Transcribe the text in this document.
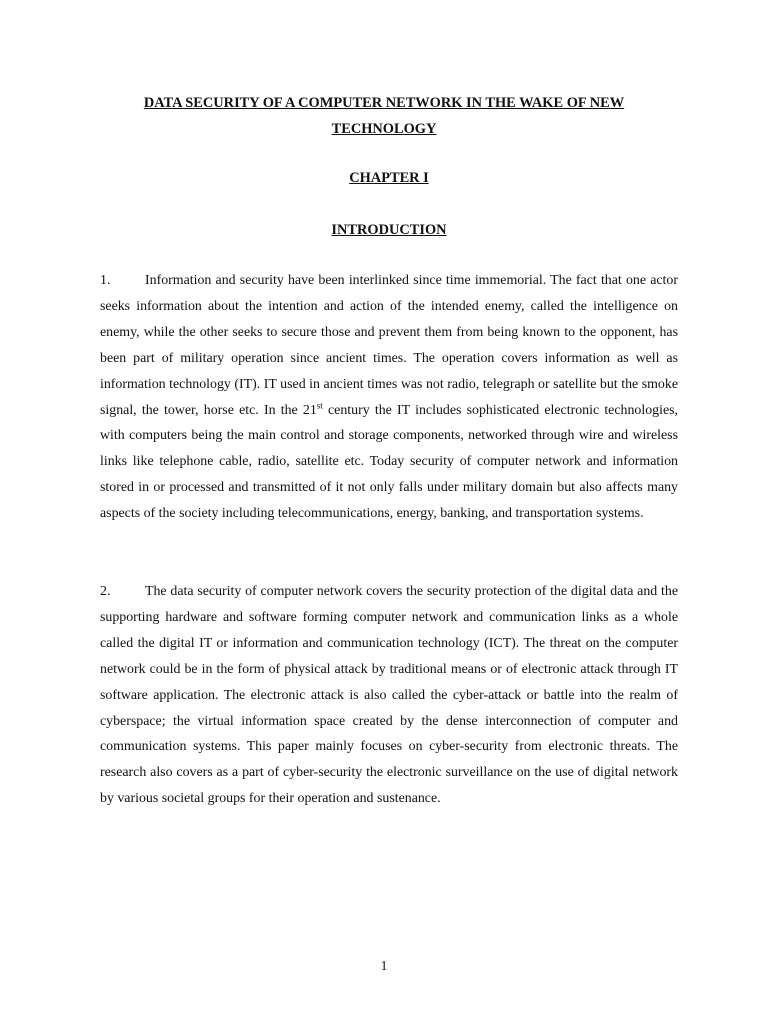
DATA SECURITY OF A COMPUTER NETWORK IN THE WAKE OF NEW TECHNOLOGY
CHAPTER I
INTRODUCTION

1. Information and security have been interlinked since time immemorial. The fact that one actor seeks information about the intention and action of the intended enemy, called the intelligence on enemy, while the other seeks to secure those and prevent them from being known to the opponent, has been part of military operation since ancient times. The operation covers information as well as information technology (IT). IT used in ancient times was not radio, telegraph or satellite but the smoke signal, the tower, horse etc. In the 21st century the IT includes sophisticated electronic technologies, with computers being the main control and storage components, networked through wire and wireless links like telephone cable, radio, satellite etc. Today security of computer network and information stored in or processed and transmitted of it not only falls under military domain but also affects many aspects of the society including telecommunications, energy, banking, and transportation systems.

2. The data security of computer network covers the security protection of the digital data and the supporting hardware and software forming computer network and communication links as a whole called the digital IT or information and communication technology (ICT). The threat on the computer network could be in the form of physical attack by traditional means or of electronic attack through IT software application. The electronic attack is also called the cyber-attack or battle into the realm of cyberspace; the virtual information space created by the dense interconnection of computer and communication systems. This paper mainly focuses on cyber-security from electronic threats. The research also covers as a part of cyber-security the electronic surveillance on the use of digital network by various societal groups for their operation and sustenance.

1
